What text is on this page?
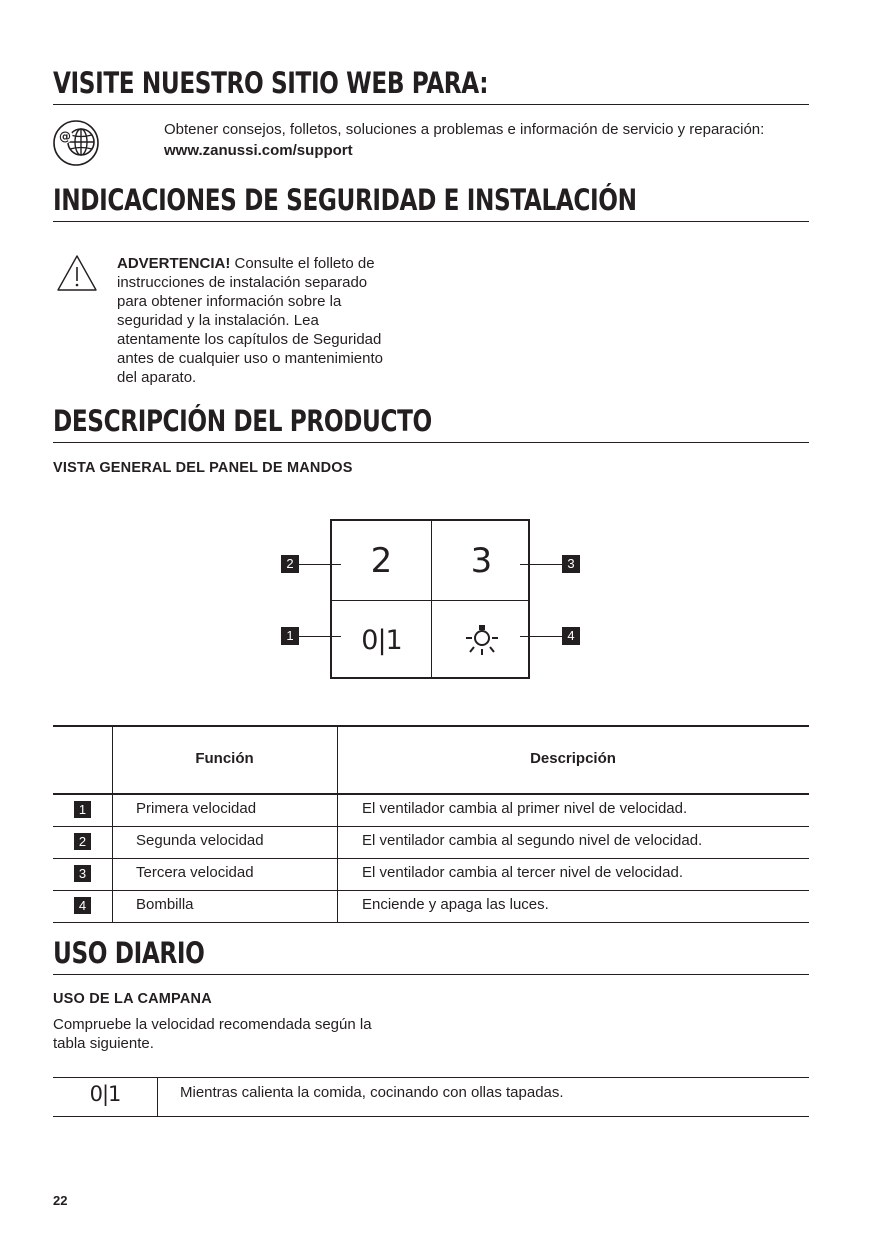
VISITE NUESTRO SITIO WEB PARA:
@	Obtener consejos, folletos, soluciones a problemas e información de servicio y reparación:
www.zanussi.com/support
INDICACIONES DE SEGURIDAD E INSTALACIÓN
ADVERTENCIA! Consulte el folleto de instrucciones de instalación separado para obtener información sobre la seguridad y la instalación. Lea atentamente los capítulos de Seguridad antes de cualquier uso o mantenimiento del aparato.
DESCRIPCIÓN DEL PRODUCTO
VISTA GENERAL DEL PANEL DE MANDOS
2	3
0|1
2	3
1	4
Función	Descripción
1	Primera velocidad	El ventilador cambia al primer nivel de velocidad.
2	Segunda velocidad	El ventilador cambia al segundo nivel de velocidad.
3	Tercera velocidad	El ventilador cambia al tercer nivel de velocidad.
4	Bombilla	Enciende y apaga las luces.
USO DIARIO
USO DE LA CAMPANA
Compruebe la velocidad recomendada según la tabla siguiente.
0|1	Mientras calienta la comida, cocinando con ollas tapadas.
22
